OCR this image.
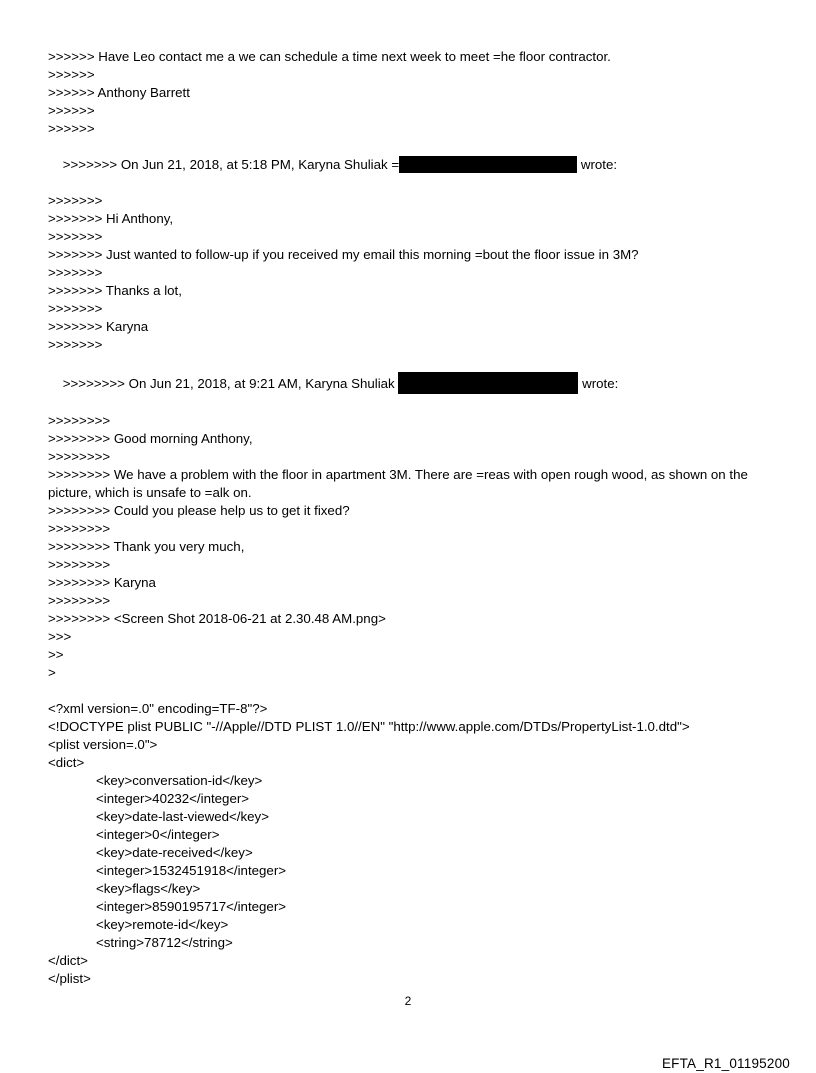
>>>>>> Have Leo contact me a we can schedule a time next week to meet =he floor contractor.
>>>>>>
>>>>>> Anthony Barrett
>>>>>>
>>>>>>

>>>>>>> On Jun 21, 2018, at 5:18 PM, Karyna Shuliak =	wrote:

>>>>>>>
>>>>>>> Hi Anthony,
>>>>>>>
>>>>>>> Just wanted to follow-up if you received my email this morning =bout the floor issue in 3M?
>>>>>>>
>>>>>>> Thanks a lot,
>>>>>>>
>>>>>>> Karyna
>>>>>>>

>>>>>>>> On Jun 21, 2018, at 9:21 AM, Karyna Shuliak	wrote:

>>>>>>>>
>>>>>>>> Good morning Anthony,
>>>>>>>>
>>>>>>>> We have a problem with the floor in apartment 3M. There are =reas with open rough wood, as shown on the picture, which is unsafe to =alk on.
>>>>>>>> Could you please help us to get it fixed?
>>>>>>>>
>>>>>>>> Thank you very much,
>>>>>>>>
>>>>>>>> Karyna
>>>>>>>>
>>>>>>>> <Screen Shot 2018-06-21 at 2.30.48 AM.png>
>>>
>>
>
<?xml version=.0" encoding=TF-8"?>
<!DOCTYPE plist PUBLIC "-//Apple//DTD PLIST 1.0//EN" "http://www.apple.com/DTDs/PropertyList-1.0.dtd">
<plist version=.0">
<dict>
<key>conversation-id</key>
<integer>40232</integer>
<key>date-last-viewed</key>
<integer>0</integer>
<key>date-received</key>
<integer>1532451918</integer>
<key>flags</key>
<integer>8590195717</integer>
<key>remote-id</key>
<string>78712</string>
</dict>
</plist>
2
EFTA_R1_01195200
